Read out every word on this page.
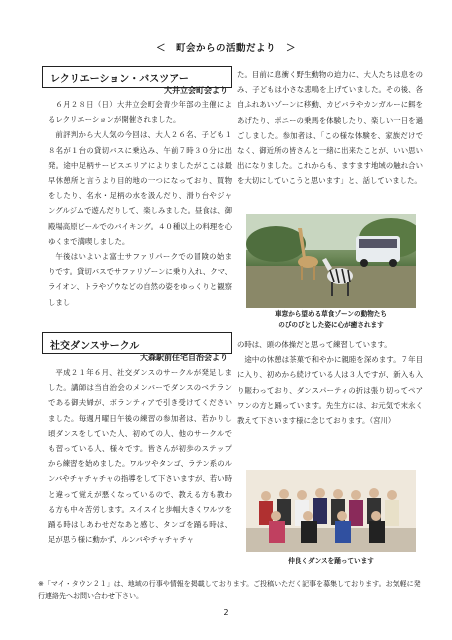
＜　町会からの活動だより　＞
レクリエーション・バスツアー
大井立会町会より

６月２８日（日）大井立会町会青少年部の主催によるレクリエーションが開催されました。

前評判から大人気の今回は、大人２６名、子ども１８名が１台の貸切バスに乗込み、午前７時３０分に出発。途中足柄サービスエリアによりましたがここは最早休憩所と言うより目的地の一つになっており、買物をしたり、名水・足柄の水を汲んだり、滑り台やジャングルジムで遊んだりして、楽しみました。昼食は、御殿場高原ビールでのバイキング。４０種以上の料理を心ゆくまで満喫しました。

午後はいよいよ富士サファリパークでの冒険の始まりです。貸切バスでサファリゾーンに乗り入れ、クマ、ライオン、トラやゾウなどの自然の姿をゆっくりと観察しまし

た。目前に息衝く野生動物の迫力に、大人たちは息をのみ、子どもは小さな悲鳴を上げていました。その後、各自ふれあいゾーンに移動、カピバラやカンガルーに餌をあげたり、ポニーの乗馬を体験したり、楽しい一日を過ごしました。参加者は、「この様な体験を、家族だけでなく、御近所の皆さんと一緒に出来たことが、いい思い出になりました。これからも、ますます地域の触れ合いを大切にしていこうと思います」と、話していました。

車窓から望める草食ゾーンの動物たち
のびのびとした姿に心が癒されます
社交ダンスサークル
大森駅前住宅自治会より

平成２１年６月、社交ダンスのサークルが発足しました。講師は当自治会のメンバーでダンスのベテランである御夫婦が、ボランティアで引き受けてくださいました。毎週月曜日午後の練習の参加者は、若かりし頃ダンスをしていた人、初めての人、他のサークルでも習っている人、様々です。皆さんが初歩のステップから練習を始めました。ワルツやタンゴ、ラテン系のルンバやチャチャチャの指導をして下さいますが、若い時と違って覚えが悪くなっているので、教える方も教わる方も中々苦労します。スイスイと歩幅大きくワルツを踊る時はしあわせだなあと感じ、タンゴを踊る時は、足が思う様に動かず、ルンバやチャチャチャ

の時は、頭の体操だと思って練習しています。

途中の休憩は茶菓で和やかに親睦を深めます。７年目に入り、初めから続けている人は３人ですが、新入も入り賑わっており、ダンスパーティの折は張り切ってペアワンの方と踊っています。先生方には、お元気で末永く教えて下さいます様に念じております。（宮川）

仲良くダンスを踊っています
※「マイ・タウン２１」は、地域の行事や情報を掲載しております。ご投稿いただく記事を募集しております。お気軽に発行連絡先へお問い合わせ下さい。
2
